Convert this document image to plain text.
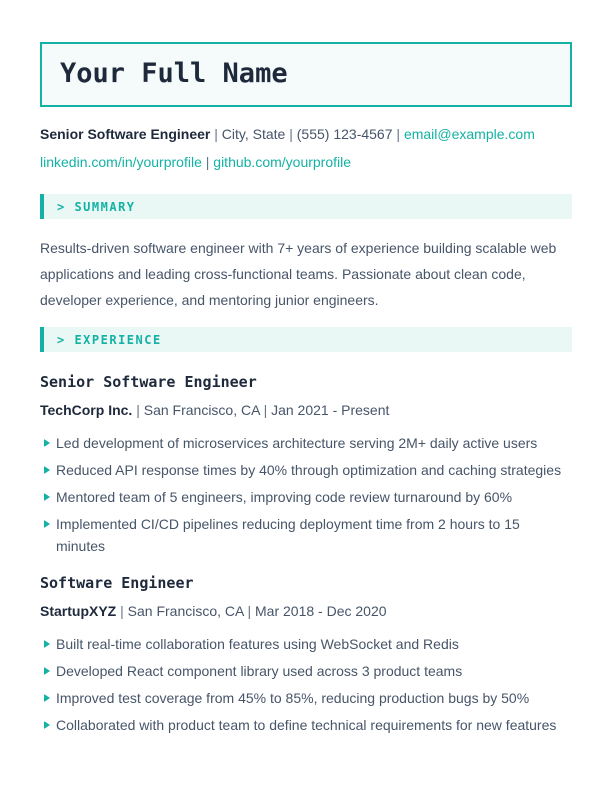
Your Full Name
Senior Software Engineer | City, State | (555) 123-4567 | email@example.com
linkedin.com/in/yourprofile | github.com/yourprofile
> SUMMARY

Results-driven software engineer with 7+ years of experience building scalable web applications and leading cross-functional teams. Passionate about clean code, developer experience, and mentoring junior engineers.

> EXPERIENCE
Senior Software Engineer
TechCorp Inc. | San Francisco, CA | Jan 2021 - Present
Led development of microservices architecture serving 2M+ daily active users
Reduced API response times by 40% through optimization and caching strategies
Mentored team of 5 engineers, improving code review turnaround by 60%
Implemented CI/CD pipelines reducing deployment time from 2 hours to 15 minutes
Software Engineer
StartupXYZ | San Francisco, CA | Mar 2018 - Dec 2020
Built real-time collaboration features using WebSocket and Redis
Developed React component library used across 3 product teams
Improved test coverage from 45% to 85%, reducing production bugs by 50%
Collaborated with product team to define technical requirements for new features
